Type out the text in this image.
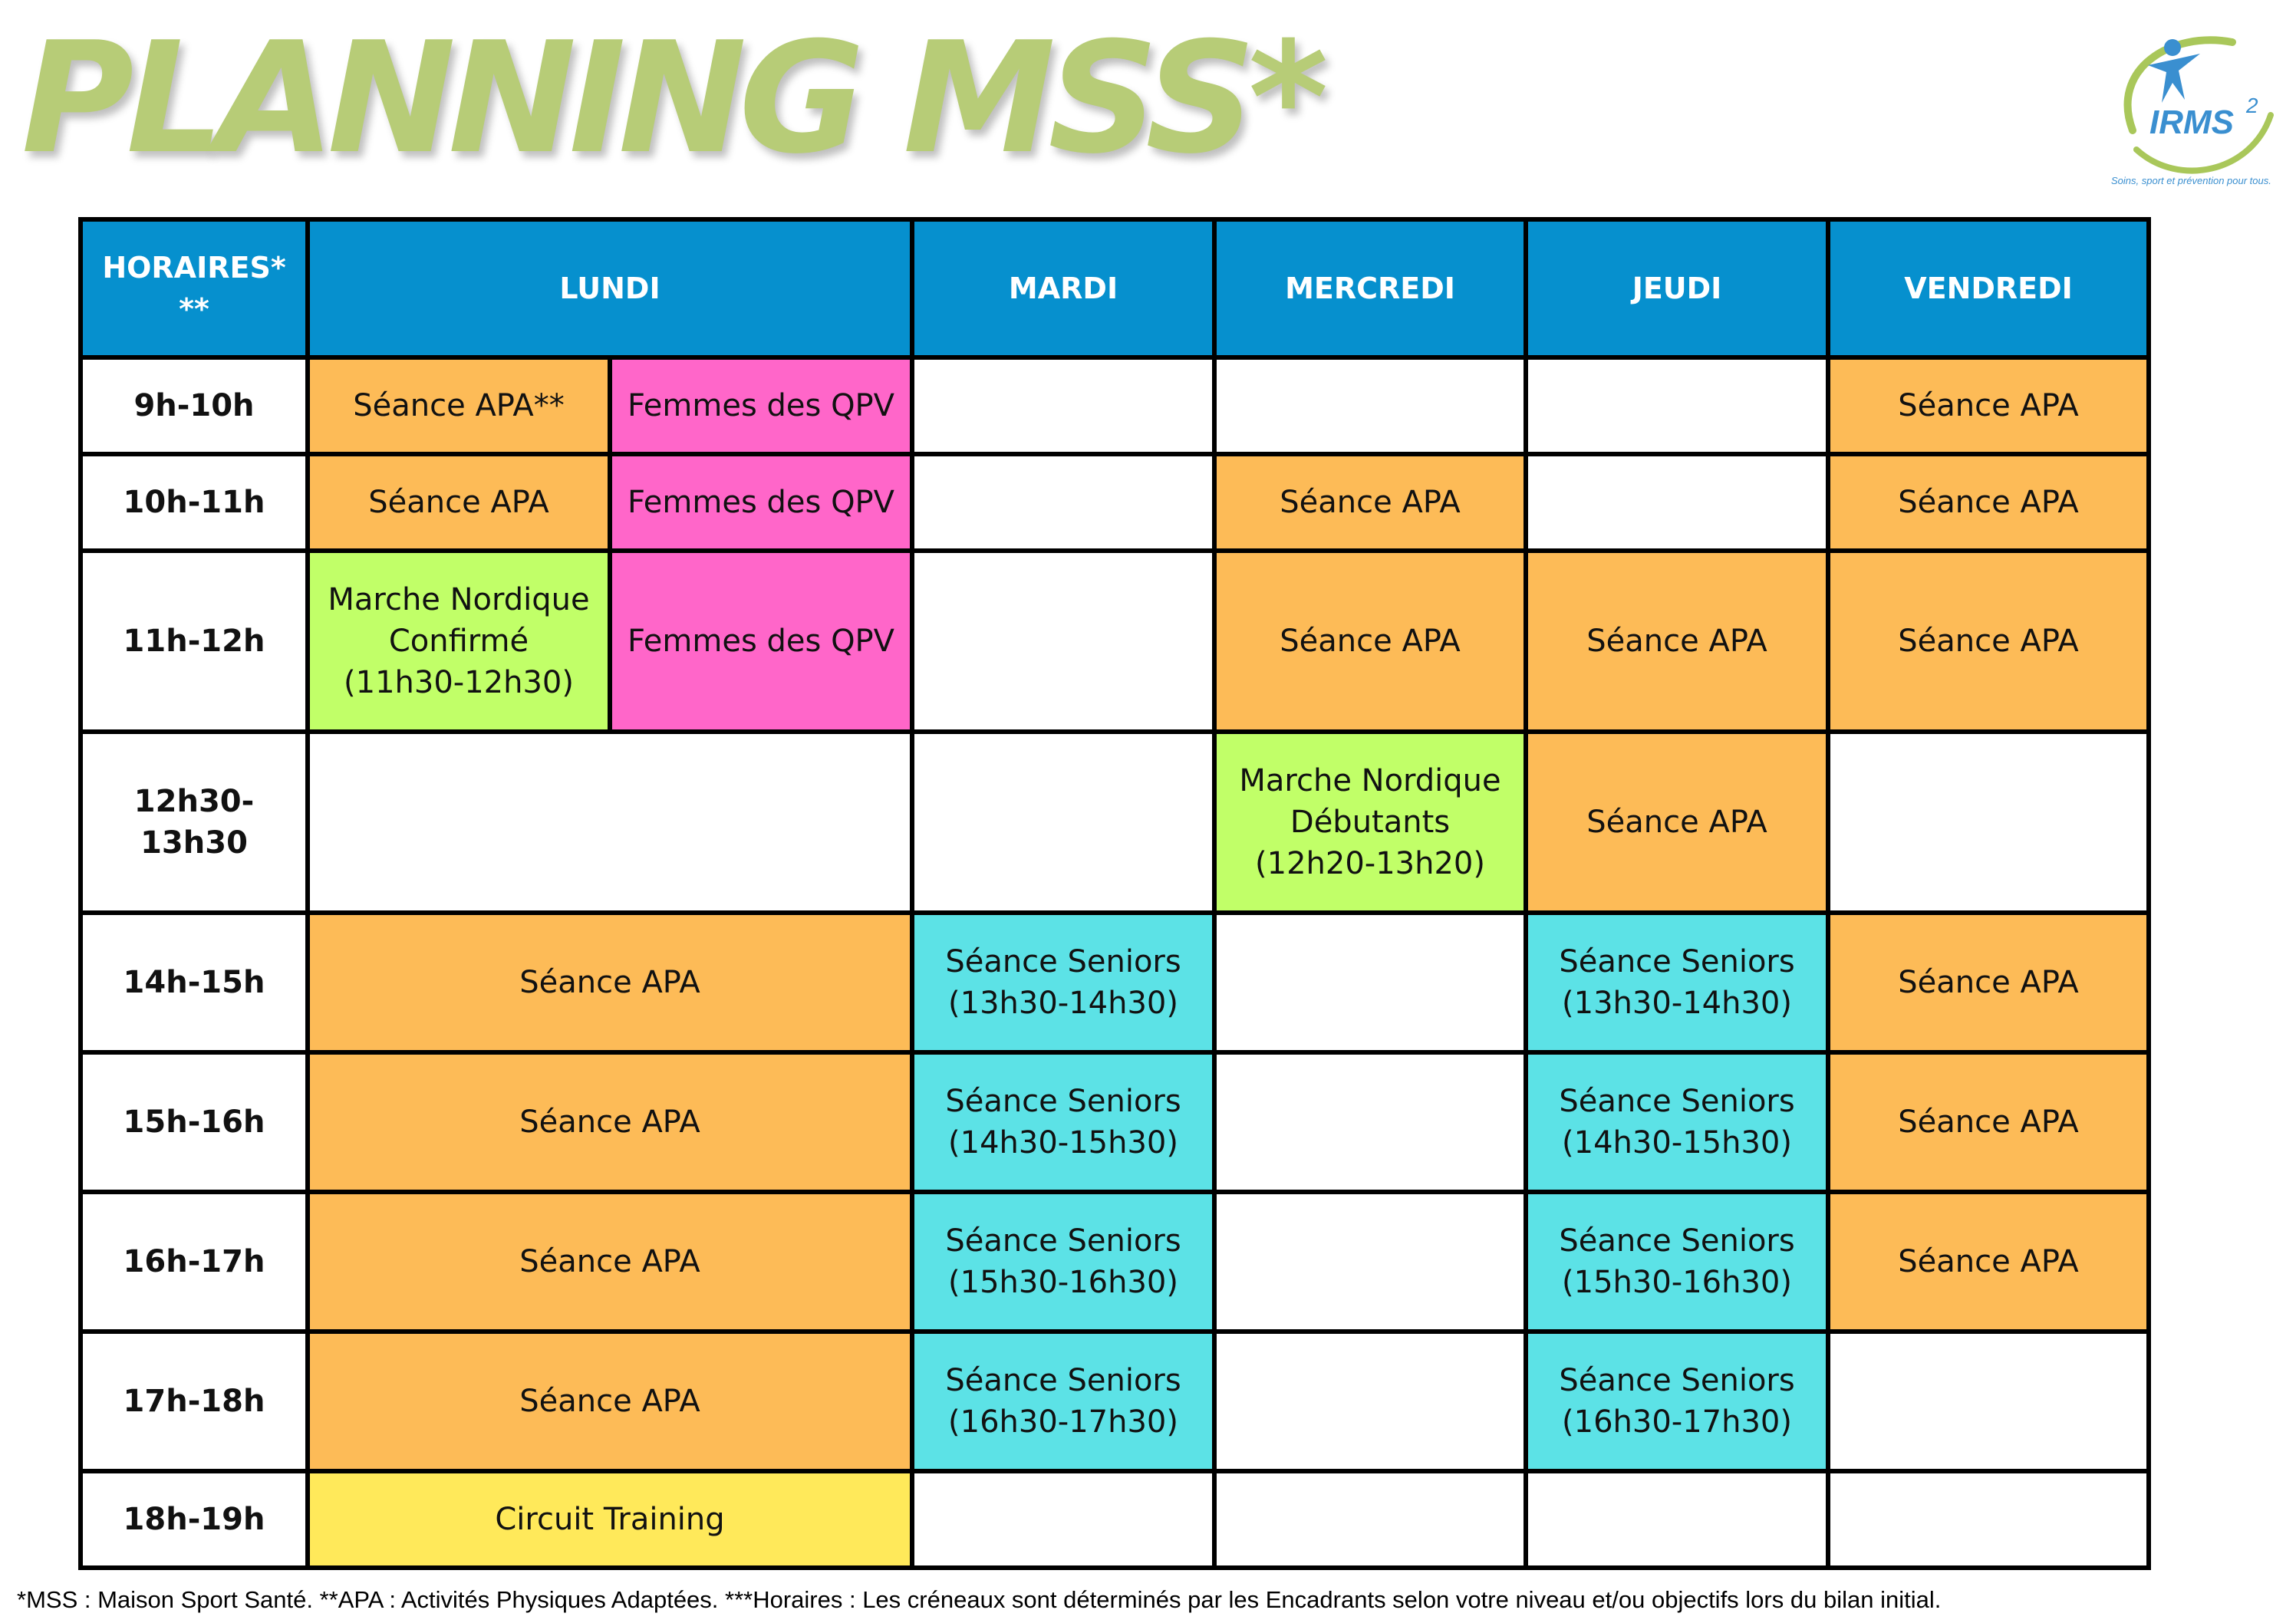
PLANNING MSS*	IRMS 2
Soins, sport et prévention pour tous.
HORAIRES*
**	LUNDI		MARDI	MERCREDI	JEUDI	VENDREDI
9h-10h	Séance APA**	Femmes des QPV				Séance APA
10h-11h	Séance APA	Femmes des QPV		Séance APA		Séance APA
11h-12h	Marche Nordique
Confirmé
(11h30-12h30)	Femmes des QPV		Séance APA	Séance APA	Séance APA
12h30-
13h30				Marche Nordique
Débutants
(12h20-13h20)	Séance APA	
14h-15h	Séance APA		Séance Seniors
(13h30-14h30)		Séance Seniors
(13h30-14h30)	Séance APA
15h-16h	Séance APA		Séance Seniors
(14h30-15h30)		Séance Seniors
(14h30-15h30)	Séance APA
16h-17h	Séance APA		Séance Seniors
(15h30-16h30)		Séance Seniors
(15h30-16h30)	Séance APA
17h-18h	Séance APA		Séance Seniors
(16h30-17h30)		Séance Seniors
(16h30-17h30)	
18h-19h	Circuit Training					
*MSS : Maison Sport Santé. **APA : Activités Physiques Adaptées. ***Horaires : Les créneaux sont déterminés par les Encadrants selon votre niveau et/ou objectifs lors du bilan initial.
